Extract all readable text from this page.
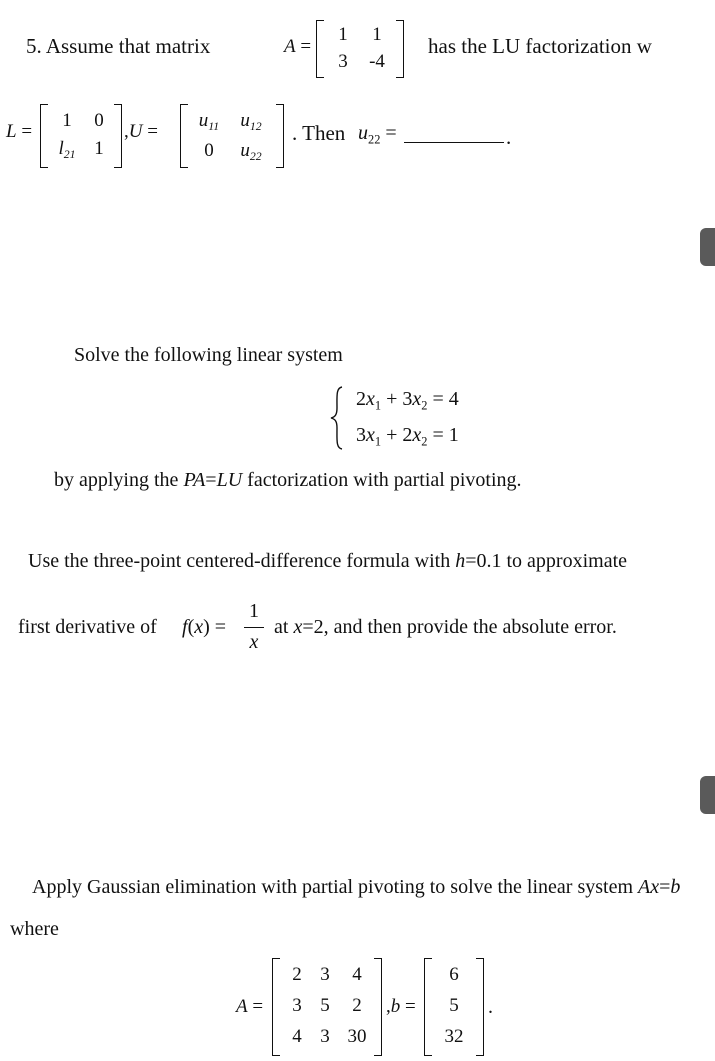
5. Assume that matrix	A =
1	1
3	-4
has the LU factorization w
L =
1	0
$l_{21}$ 1
,U =
$u_{11}$ $u_{12}$
0	$u_{22}$
. Then $u_{22}$ =	.
Solve the following linear system
$2x_1 + 3x_2 = 4$
$3x_1 + 2x_2 = 1$
by applying the PA=LU factorization with partial pivoting.
Use the three-point centered-difference formula with h=0.1 to approximate
first derivative of f(x) =
1
x
at x=2, and then provide the absolute error.
Apply Gaussian elimination with partial pivoting to solve the linear system Ax=b
where
A =
2 3	4
3 5	2
4 3 30
,b =
6
5
32
.
